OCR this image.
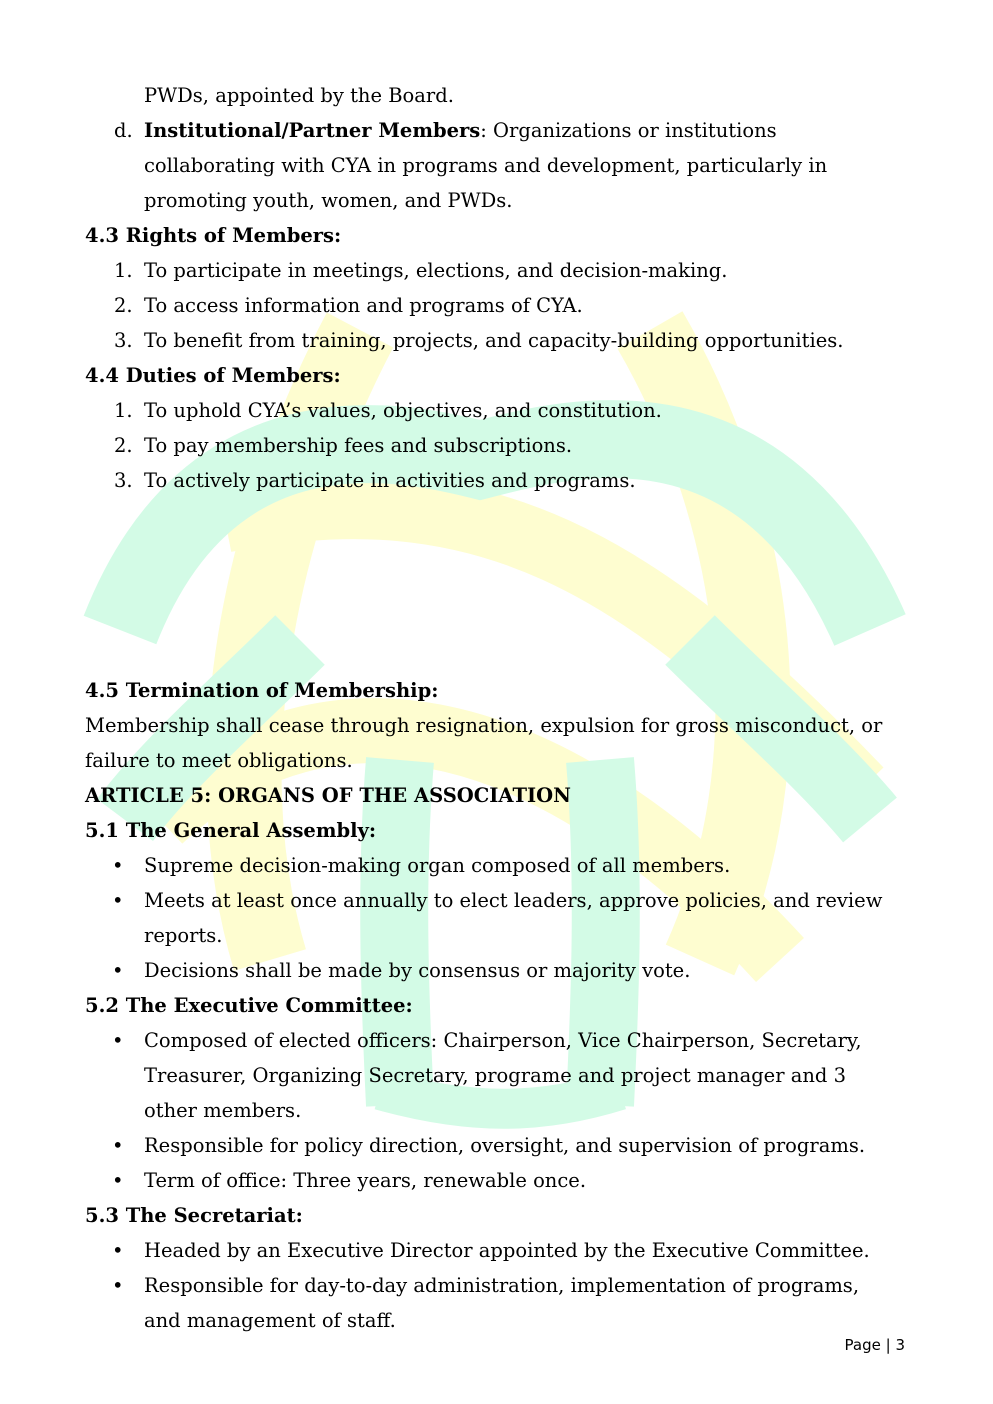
PWDs, appointed by the Board.
d. Institutional/Partner Members: Organizations or institutions
collaborating with CYA in programs and development, particularly in
promoting youth, women, and PWDs.
4.3 Rights of Members:
1. To participate in meetings, elections, and decision-making.
2. To access information and programs of CYA.
3. To benefit from training, projects, and capacity-building opportunities.
4.4 Duties of Members:
1. To uphold CYA’s values, objectives, and constitution.
2. To pay membership fees and subscriptions.
3. To actively participate in activities and programs.
4.5 Termination of Membership:
Membership shall cease through resignation, expulsion for gross misconduct, or
failure to meet obligations.
ARTICLE 5: ORGANS OF THE ASSOCIATION
5.1 The General Assembly:
• Supreme decision-making organ composed of all members.
• Meets at least once annually to elect leaders, approve policies, and review
reports.
• Decisions shall be made by consensus or majority vote.
5.2 The Executive Committee:
• Composed of elected officers: Chairperson, Vice Chairperson, Secretary,
Treasurer, Organizing Secretary, programe and project manager and 3
other members.
• Responsible for policy direction, oversight, and supervision of programs.
• Term of office: Three years, renewable once.
5.3 The Secretariat:
• Headed by an Executive Director appointed by the Executive Committee.
• Responsible for day-to-day administration, implementation of programs,
and management of staff.
Page | 3
